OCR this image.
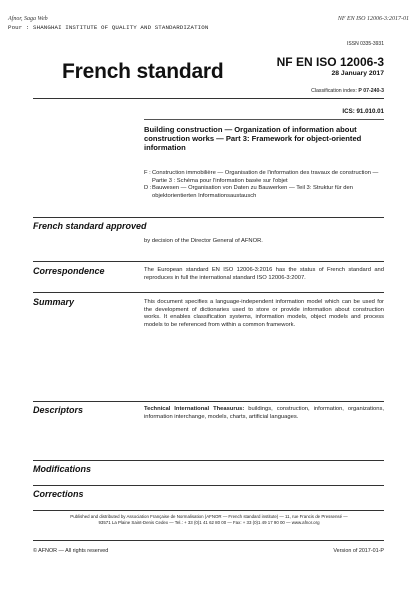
Afnor, Saga Web
Pour : SHANGHAI INSTITUTE OF QUALITY AND STANDARDIZATION
NF EN ISO 12006-3:2017-01
ISSN 0335-3931
French standard	NF EN ISO 12006-3
28 January 2017
Classification index: P 07-240-3
ICS: 91.010.01
Building construction — Organization of information about construction works — Part 3: Framework for object-oriented information
F : Construction immobilière — Organisation de l'information des travaux de construction — Partie 3 : Schéma pour l'information basée sur l'objet
D : Bauwesen — Organisation von Daten zu Bauwerken — Teil 3: Struktur für den objektorientierten Informationsaustausch
French standard approved
by decision of the Director General of AFNOR.
Correspondence	The European standard EN ISO 12006-3:2016 has the status of French standard and reproduces in full the international standard ISO 12006-3:2007.
Summary	This document specifies a language-independent information model which can be used for the development of dictionaries used to store or provide information about construction works. It enables classification systems, information models, object models and process models to be referenced from within a common framework.
Descriptors	Technical International Theasurus: buildings, construction, information, organizations, information interchange, models, charts, artificial languages.
Modifications
Corrections
Published and distributed by Association Française de Normalisation (AFNOR — French standard institute) — 11, rue Francis de Pressensé —
93571 La Plaine Saint-Denis Cedex — Tel.: + 33 (0)1 41 62 80 00 — Fax: + 33 (0)1 49 17 90 00 — www.afnor.org
© AFNOR — All rights reserved	Version of 2017-01-P
